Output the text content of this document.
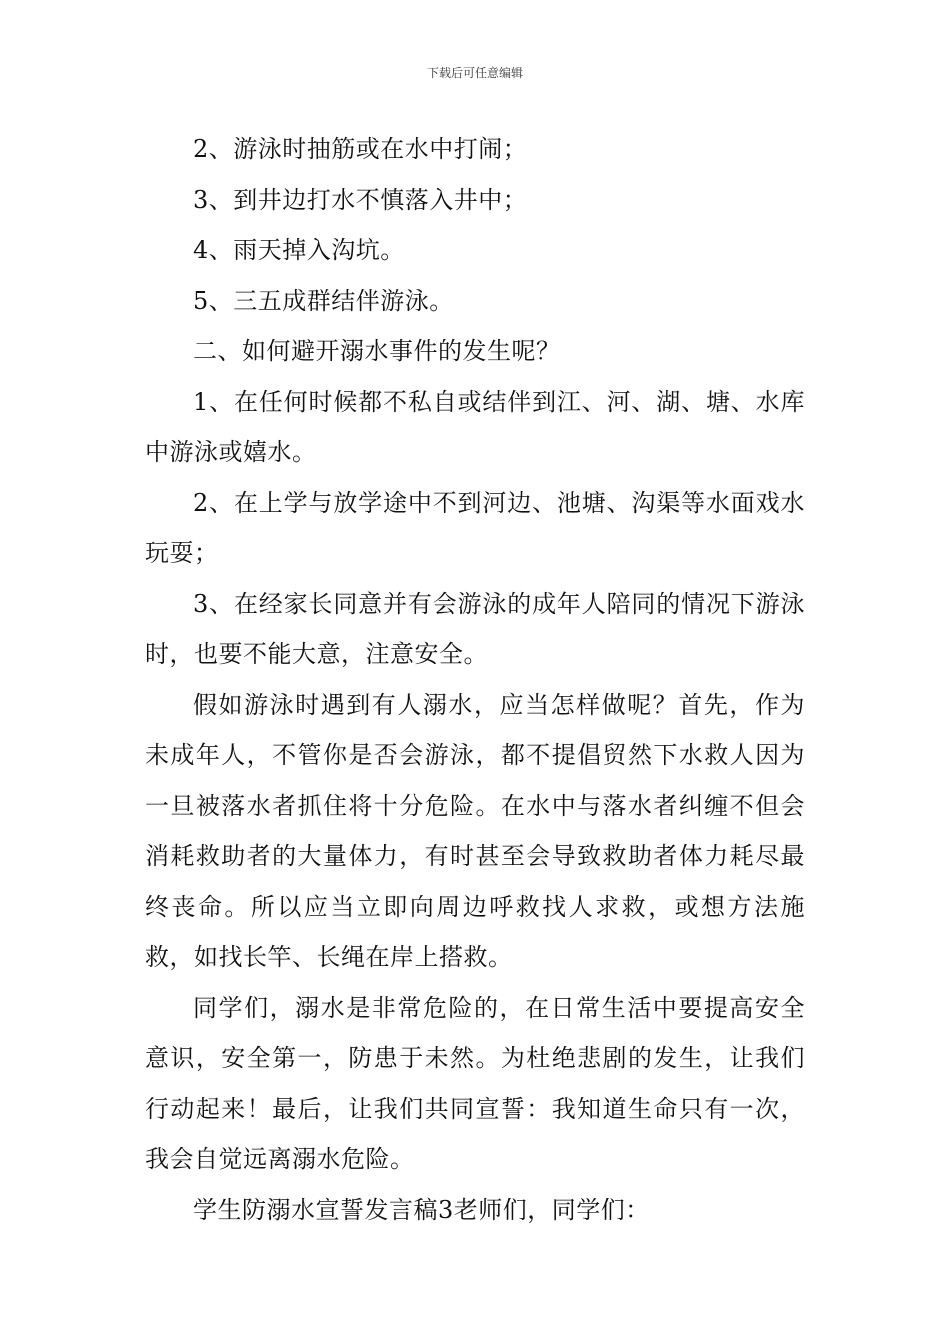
下载后可任意编辑

2、游泳时抽筋或在水中打闹；

3、到井边打水不慎落入井中；

4、雨天掉入沟坑。

5、三五成群结伴游泳。

二、如何避开溺水事件的发生呢？

1、在任何时候都不私自或结伴到江、河、湖、塘、水库中游泳或嬉水。

2、在上学与放学途中不到河边、池塘、沟渠等水面戏水玩耍；

3、在经家长同意并有会游泳的成年人陪同的情况下游泳时，也要不能大意，注意安全。

假如游泳时遇到有人溺水，应当怎样做呢？首先，作为未成年人，不管你是否会游泳，都不提倡贸然下水救人因为一旦被落水者抓住将十分危险。在水中与落水者纠缠不但会消耗救助者的大量体力，有时甚至会导致救助者体力耗尽最终丧命。所以应当立即向周边呼救找人求救，或想方法施救，如找长竿、长绳在岸上搭救。

同学们，溺水是非常危险的，在日常生活中要提高安全意识，安全第一，防患于未然。为杜绝悲剧的发生，让我们行动起来！最后，让我们共同宣誓：我知道生命只有一次，我会自觉远离溺水危险。

学生防溺水宣誓发言稿3老师们，同学们：
